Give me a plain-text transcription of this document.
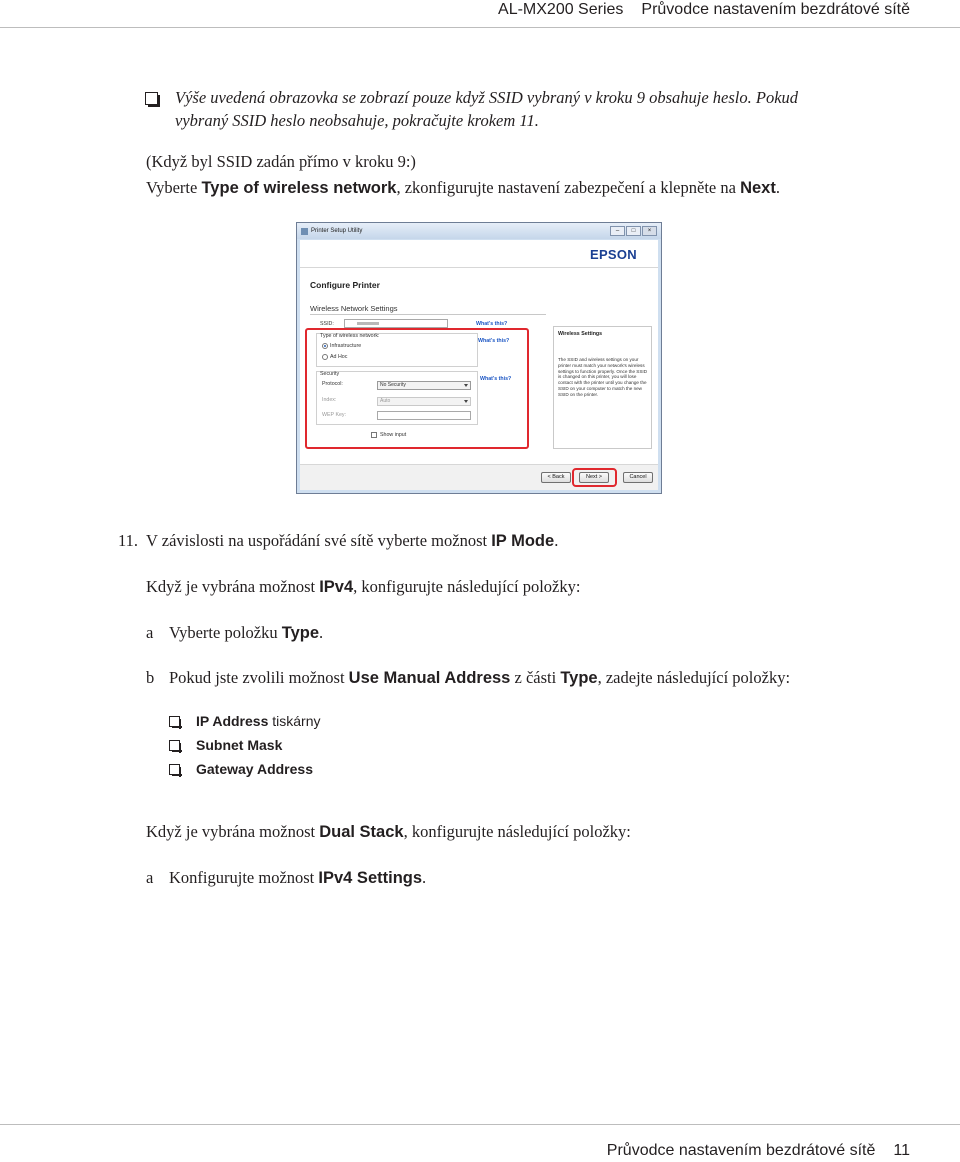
AL-MX200 Series Průvodce nastavením bezdrátové sítě
Výše uvedená obrazovka se zobrazí pouze když SSID vybraný v kroku 9 obsahuje heslo. Pokud
vybraný SSID heslo neobsahuje, pokračujte krokem 11.
(Když byl SSID zadán přímo v kroku 9:)
Vyberte Type of wireless network, zkonfigurujte nastavení zabezpečení a klepněte na Next.
Printer Setup Utility	–	□	×
EPSON
Configure Printer
Wireless Network Settings
SSID:	What's this?
Type of wireless network:
Infrastructure
Ad Hoc
What's this?
Security
Protocol:	No Security
Index:	Auto
WEP Key:
What's this?
Show input
Wireless Settings
The SSID and wireless settings on your printer must match your network's wireless settings to function properly. Once the SSID is changed on this printer, you will lose contact with the printer until you change the SSID on your computer to match the new SSID on the printer.
< Back	Next >	Cancel
11. V závislosti na uspořádání své sítě vyberte možnost IP Mode.
Když je vybrána možnost IPv4, konfigurujte následující položky:
a Vyberte položku Type.
b Pokud jste zvolili možnost Use Manual Address z části Type, zadejte následující položky:
IP Address tiskárny
Subnet Mask
Gateway Address
Když je vybrána možnost Dual Stack, konfigurujte následující položky:
a Konfigurujte možnost IPv4 Settings.
Průvodce nastavením bezdrátové sítě 11
